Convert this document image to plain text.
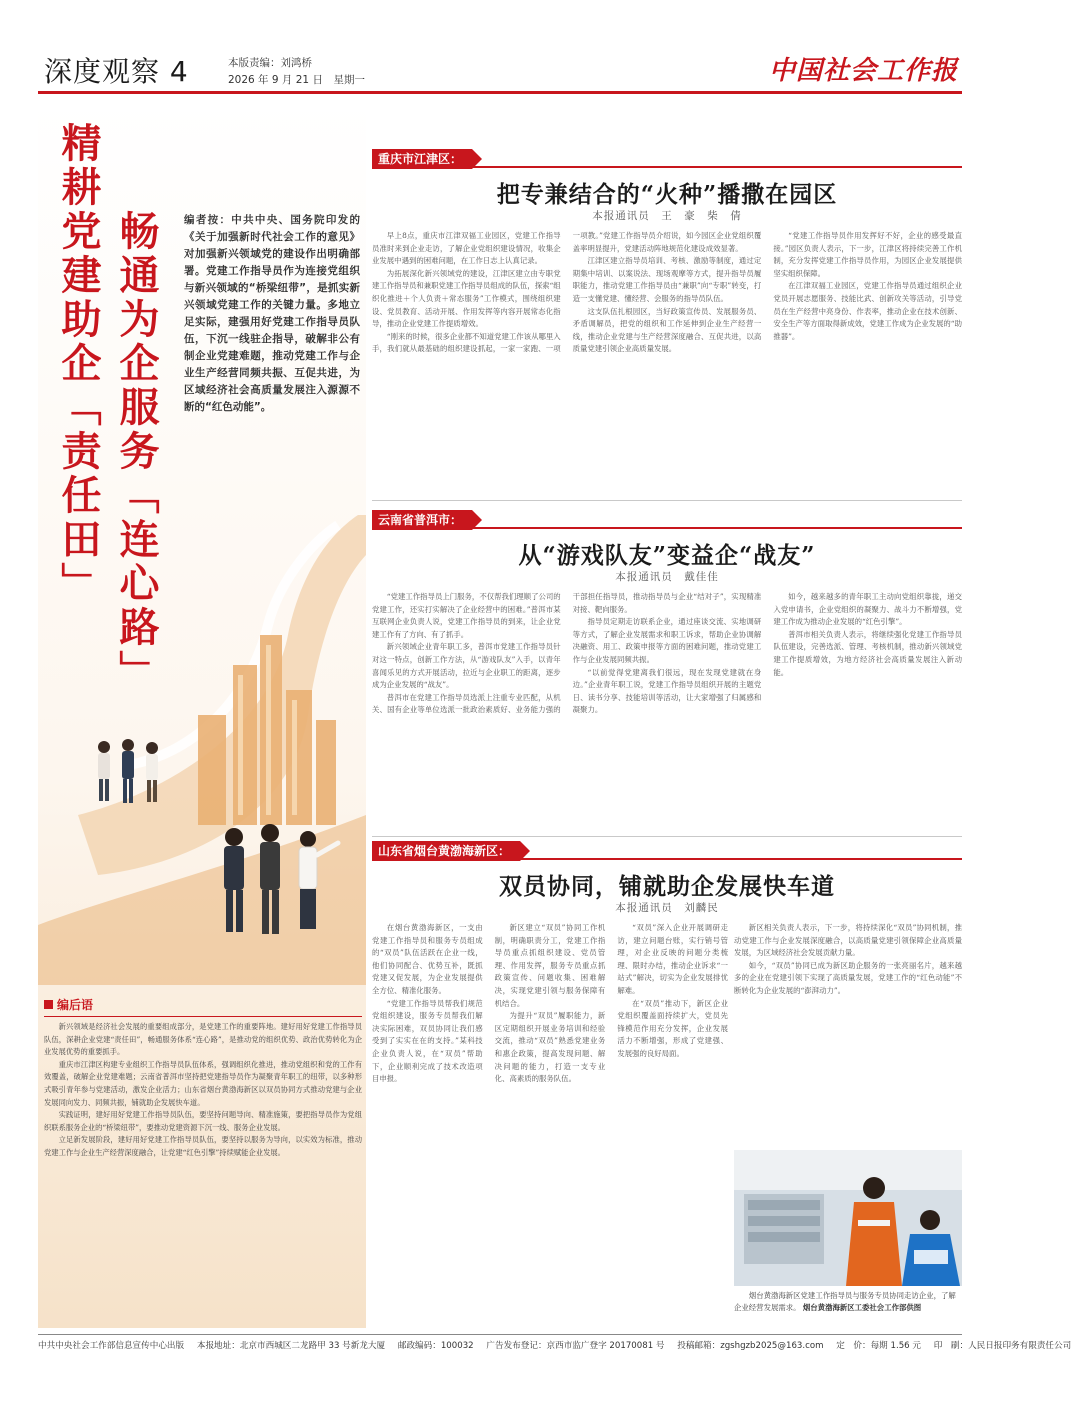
深度观察 4	本版责编：刘鸿桥
2026 年 9 月 21 日　星期一	中国社会工作报
精耕党建助企「责任田」 畅通为企服务「连心路」 编者按：中共中央、国务院印发的《关于加强新时代社会工作的意见》对加强新兴领域党的建设作出明确部署。党建工作指导员作为连接党组织与新兴领域的“桥梁纽带”，是抓实新兴领域党建工作的关键力量。多地立足实际，建强用好党建工作指导员队伍，下沉一线驻企指导，破解非公有制企业党建难题，推动党建工作与企业生产经营同频共振、互促共进，为区域经济社会高质量发展注入源源不断的“红色动能”。
编后语

新兴领域是经济社会发展的重要组成部分，是党建工作的重要阵地。建好用好党建工作指导员队伍，深耕企业党建“责任田”，畅通服务体系“连心路”，是推动党的组织优势、政治优势转化为企业发展优势的重要抓手。

重庆市江津区构建专业组织工作指导员队伍体系，强调组织化推进，推动党组织和党的工作有效覆盖，破解企业党建难题；云南省普洱市坚持把党建指导员作为凝聚青年职工的纽带，以多种形式吸引青年参与党建活动，激发企业活力；山东省烟台黄渤海新区以双员协同方式推动党建与企业发展同向发力、同频共振，铺就助企发展快车道。

实践证明，建好用好党建工作指导员队伍，要坚持问题导向、精准施策，要把指导员作为党组织联系服务企业的“桥梁纽带”，要推动党建资源下沉一线、服务企业发展。

立足新发展阶段，建好用好党建工作指导员队伍，要坚持以服务为导向，以实效为标准，推动党建工作与企业生产经营深度融合，让党建“红色引擎”持续赋能企业发展。

重庆市江津区：
把专兼结合的“火种”播撒在园区
本报通讯员　王　豪　柴　倩

早上8点，重庆市江津双福工业园区，党建工作指导员准时来到企业走访，了解企业党组织建设情况，收集企业发展中遇到的困难问题，在工作日志上认真记录。

为拓展深化新兴领域党的建设，江津区建立由专职党建工作指导员和兼职党建工作指导员组成的队伍，探索“组织化推进＋个人负责＋常态服务”工作模式，围绕组织建设、党员教育、活动开展、作用发挥等内容开展常态化指导，推动企业党建工作提质增效。

“刚来的时候，很多企业都不知道党建工作该从哪里入手，我们就从最基础的组织建设抓起，一家一家跑、一项一项教。”党建工作指导员介绍说，如今园区企业党组织覆盖率明显提升，党建活动阵地规范化建设成效显著。

江津区建立指导员培训、考核、激励等制度，通过定期集中培训、以案说法、现场观摩等方式，提升指导员履职能力，推动党建工作指导员由“兼职”向“专职”转变，打造一支懂党建、懂经营、会服务的指导员队伍。

这支队伍扎根园区，当好政策宣传员、发展服务员、矛盾调解员，把党的组织和工作延伸到企业生产经营一线，推动企业党建与生产经营深度融合、互促共进，以高质量党建引领企业高质量发展。

“党建工作指导员作用发挥好不好，企业的感受最直接。”园区负责人表示，下一步，江津区将持续完善工作机制，充分发挥党建工作指导员作用，为园区企业发展提供坚实组织保障。

在江津双福工业园区，党建工作指导员通过组织企业党员开展志愿服务、技能比武、创新攻关等活动，引导党员在生产经营中亮身份、作表率，推动企业在技术创新、安全生产等方面取得新成效，党建工作成为企业发展的“助推器”。

云南省普洱市：
从“游戏队友”变益企“战友”
本报通讯员　戴佳佳

“党建工作指导员上门服务，不仅帮我们理顺了公司的党建工作，还实打实解决了企业经营中的困难。”普洱市某互联网企业负责人说，党建工作指导员的到来，让企业党建工作有了方向、有了抓手。

新兴领域企业青年职工多，普洱市党建工作指导员针对这一特点，创新工作方法，从“游戏队友”入手，以青年喜闻乐见的方式开展活动，拉近与企业职工的距离，逐步成为企业发展的“战友”。

普洱市在党建工作指导员选派上注重专业匹配，从机关、国有企业等单位选派一批政治素质好、业务能力强的干部担任指导员，推动指导员与企业“结对子”，实现精准对接、靶向服务。

指导员定期走访联系企业，通过座谈交流、实地调研等方式，了解企业发展需求和职工诉求，帮助企业协调解决融资、用工、政策申报等方面的困难问题，推动党建工作与企业发展同频共振。

“以前觉得党建离我们很远，现在发现党建就在身边。”企业青年职工说，党建工作指导员组织开展的主题党日、读书分享、技能培训等活动，让大家增强了归属感和凝聚力。

如今，越来越多的青年职工主动向党组织靠拢，递交入党申请书，企业党组织的凝聚力、战斗力不断增强，党建工作成为推动企业发展的“红色引擎”。

普洱市相关负责人表示，将继续强化党建工作指导员队伍建设，完善选派、管理、考核机制，推动新兴领域党建工作提质增效，为地方经济社会高质量发展注入新动能。

山东省烟台黄渤海新区：
双员协同，铺就助企发展快车道
本报通讯员　刘麟民

在烟台黄渤海新区，一支由党建工作指导员和服务专员组成的“双员”队伍活跃在企业一线，他们协同配合、优势互补，既抓党建又促发展，为企业发展提供全方位、精准化服务。

“党建工作指导员帮我们规范党组织建设，服务专员帮我们解决实际困难，双员协同让我们感受到了实实在在的支持。”某科技企业负责人说，在“双员”帮助下，企业顺利完成了技术改造项目申报。

新区建立“双员”协同工作机制，明确职责分工，党建工作指导员重点抓组织建设、党员管理、作用发挥，服务专员重点抓政策宣传、问题收集、困难解决，实现党建引领与服务保障有机结合。

为提升“双员”履职能力，新区定期组织开展业务培训和经验交流，推动“双员”熟悉党建业务和惠企政策，提高发现问题、解决问题的能力，打造一支专业化、高素质的服务队伍。

“双员”深入企业开展调研走访，建立问题台账，实行销号管理，对企业反映的问题分类梳理、限时办结，推动企业诉求“一站式”解决，切实为企业发展排忧解难。

在“双员”推动下，新区企业党组织覆盖面持续扩大，党员先锋模范作用充分发挥，企业发展活力不断增强，形成了党建强、发展强的良好局面。

新区相关负责人表示，下一步，将持续深化“双员”协同机制，推动党建工作与企业发展深度融合，以高质量党建引领保障企业高质量发展，为区域经济社会发展贡献力量。

如今，“双员”协同已成为新区助企服务的一张亮丽名片，越来越多的企业在党建引领下实现了高质量发展，党建工作的“红色动能”不断转化为企业发展的“澎湃动力”。

烟台黄渤海新区党建工作指导员与服务专员协同走访企业，了解企业经营发展需求。 烟台黄渤海新区工委社会工作部供图
中共中央社会工作部信息宣传中心出版 本报地址：北京市西城区二龙路甲 33 号新龙大厦 邮政编码：100032 广告发布登记：京西市监广登字 20170081 号 投稿邮箱：zgshgzb2025@163.com 定　价：每期 1.56 元 印　刷：人民日报印务有限责任公司
